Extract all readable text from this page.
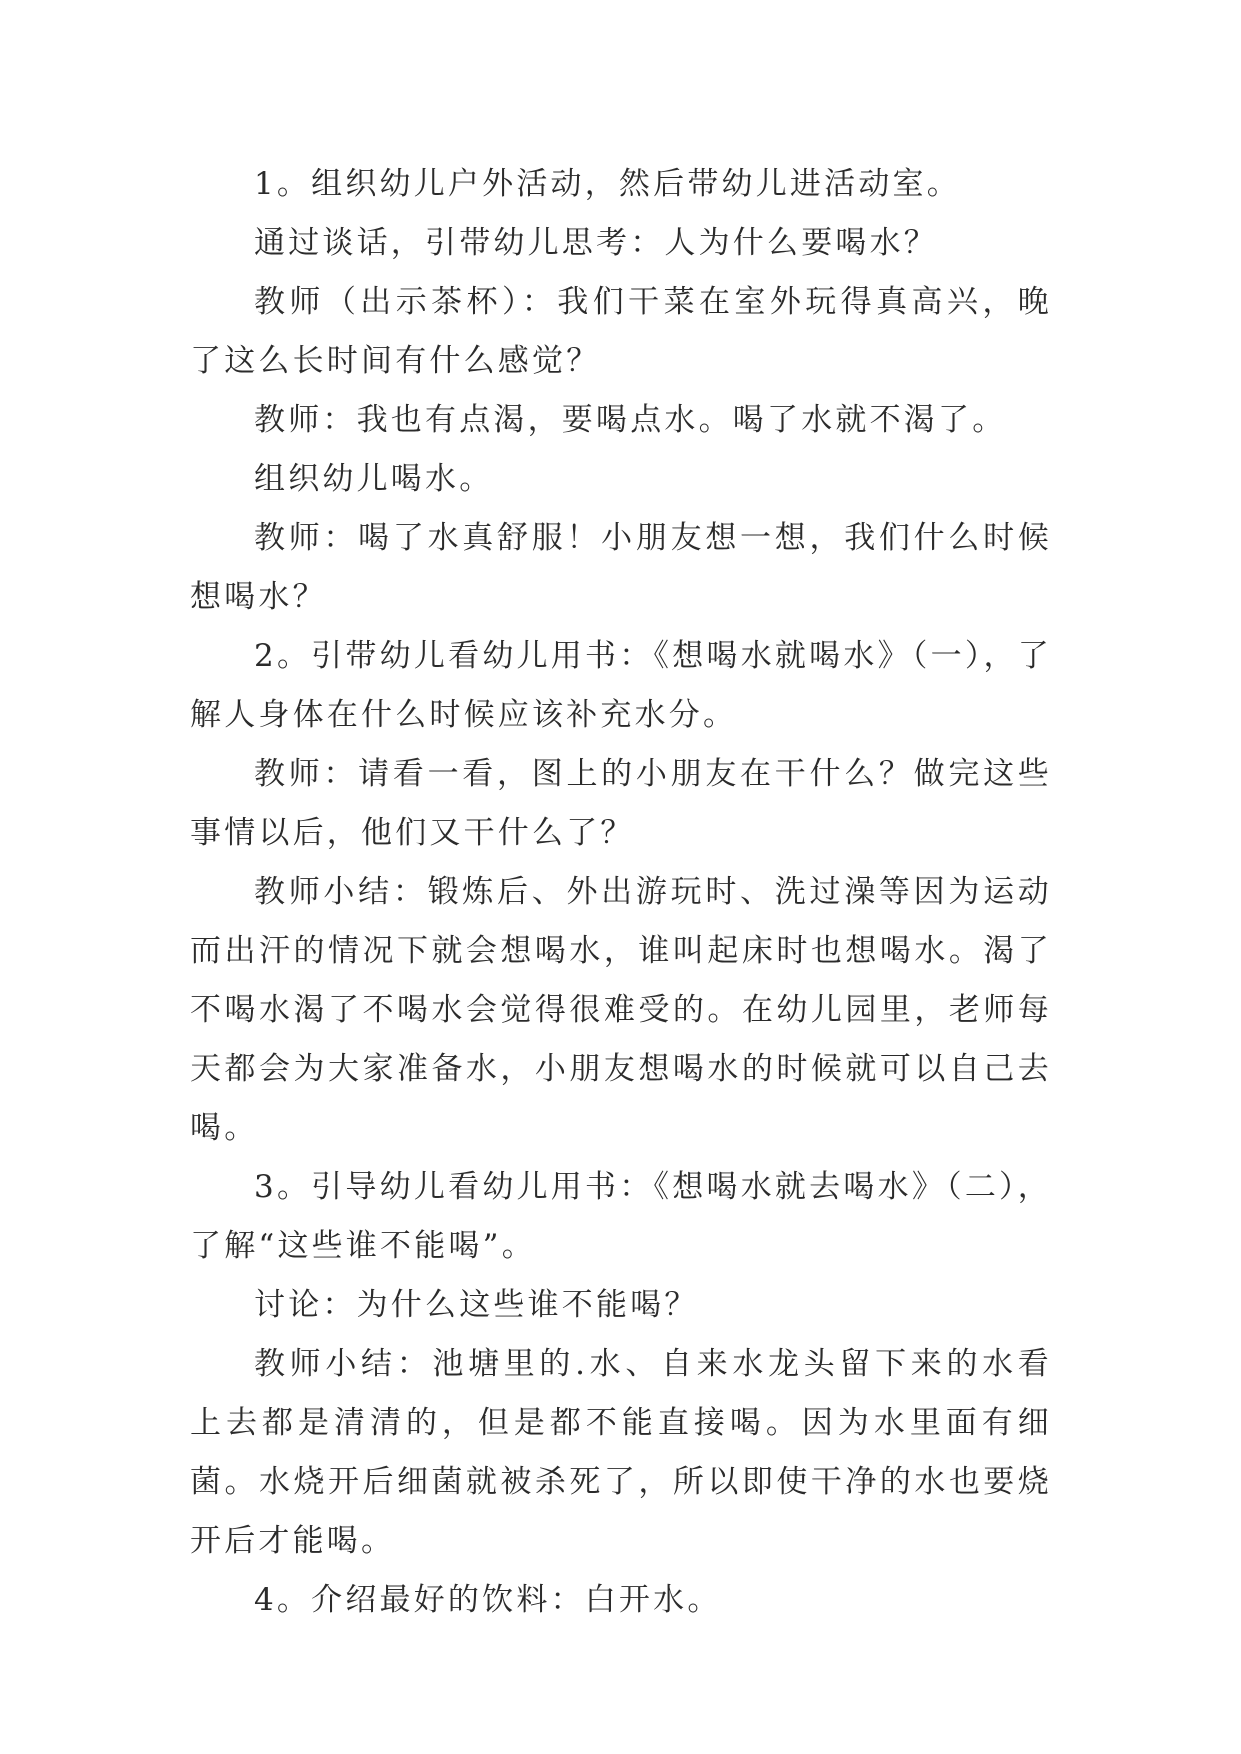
1。组织幼儿户外活动，然后带幼儿进活动室。

通过谈话，引带幼儿思考：人为什么要喝水？

教师（出示茶杯）：我们干菜在室外玩得真高兴，晚了这么长时间有什么感觉？

教师：我也有点渴，要喝点水。喝了水就不渴了。

组织幼儿喝水。

教师：喝了水真舒服！小朋友想一想，我们什么时候想喝水？

2。引带幼儿看幼儿用书：《想喝水就喝水》（一），了解人身体在什么时候应该补充水分。

教师：请看一看，图上的小朋友在干什么？做完这些事情以后，他们又干什么了？

教师小结：锻炼后、外出游玩时、洗过澡等因为运动而出汗的情况下就会想喝水，谁叫起床时也想喝水。渴了不喝水渴了不喝水会觉得很难受的。在幼儿园里，老师每天都会为大家准备水，小朋友想喝水的时候就可以自己去喝。

3。引导幼儿看幼儿用书：《想喝水就去喝水》（二），了解“这些谁不能喝”。

讨论：为什么这些谁不能喝？

教师小结：池塘里的.水、自来水龙头留下来的水看上去都是清清的，但是都不能直接喝。因为水里面有细菌。水烧开后细菌就被杀死了，所以即使干净的水也要烧开后才能喝。

4。介绍最好的饮料：白开水。
